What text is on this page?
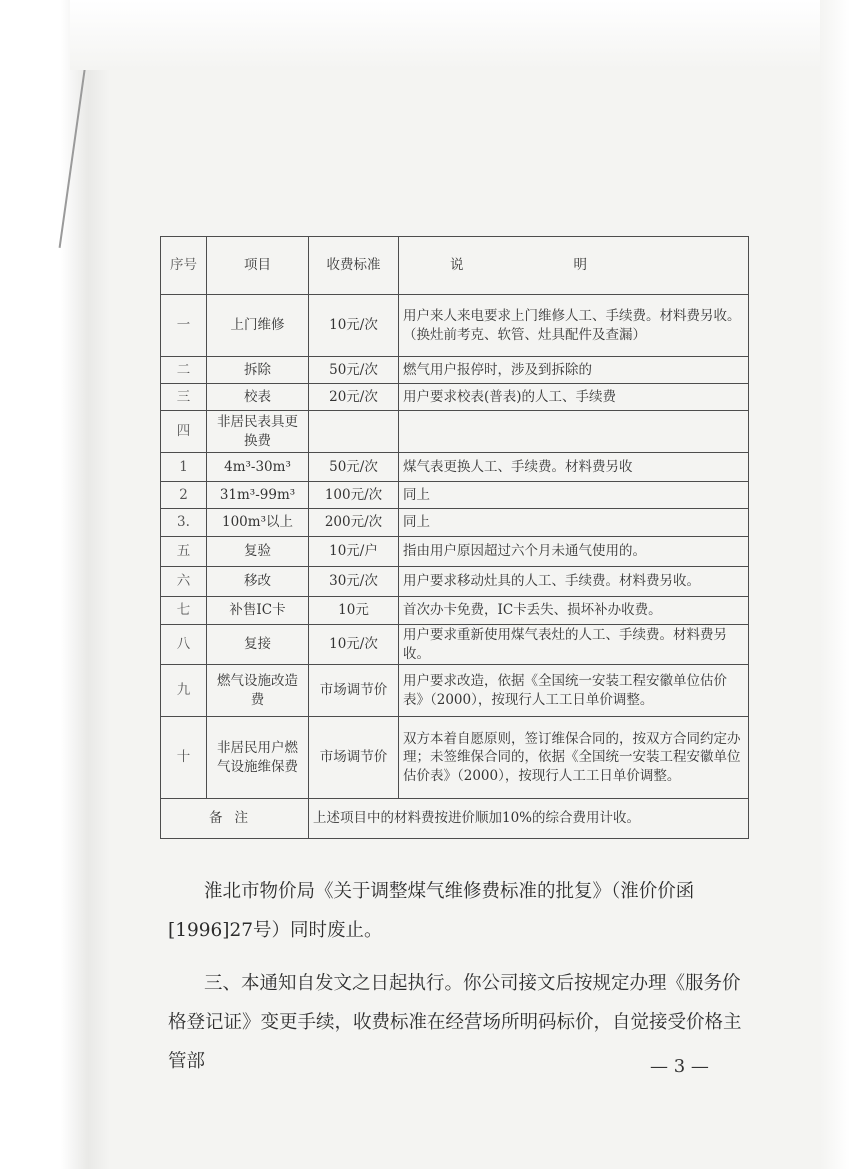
序号	项目	收费标准	说明
一	上门维修	10元/次	用户来人来电要求上门维修人工、手续费。材料费另收。（换灶前考克、软管、灶具配件及查漏）
二	拆除	50元/次	燃气用户报停时，涉及到拆除的
三	校表	20元/次	用户要求校表(普表)的人工、手续费
四	非居民表具更换费		
1	4m³-30m³	50元/次	煤气表更换人工、手续费。材料费另收
2	31m³-99m³	100元/次	同上
3.	100m³以上	200元/次	同上
五	复验	10元/户	指由用户原因超过六个月未通气使用的。
六	移改	30元/次	用户要求移动灶具的人工、手续费。材料费另收。
七	补售IC卡	10元	首次办卡免费，IC卡丢失、损坏补办收费。
八	复接	10元/次	用户要求重新使用煤气表灶的人工、手续费。材料费另收。
九	燃气设施改造费	市场调节价	用户要求改造，依据《全国统一安装工程安徽单位估价表》（2000），按现行人工工日单价调整。
十	非居民用户燃气设施维保费	市场调节价	双方本着自愿原则，签订维保合同的，按双方合同约定办理；未签维保合同的，依据《全国统一安装工程安徽单位估价表》（2000），按现行人工工日单价调整。
备注		上述项目中的材料费按进价顺加10%的综合费用计收。	

淮北市物价局《关于调整煤气维修费标准的批复》（淮价价函[1996]27号）同时废止。

三、本通知自发文之日起执行。你公司接文后按规定办理《服务价格登记证》变更手续，收费标准在经营场所明码标价，自觉接受价格主管部	— 3 —
